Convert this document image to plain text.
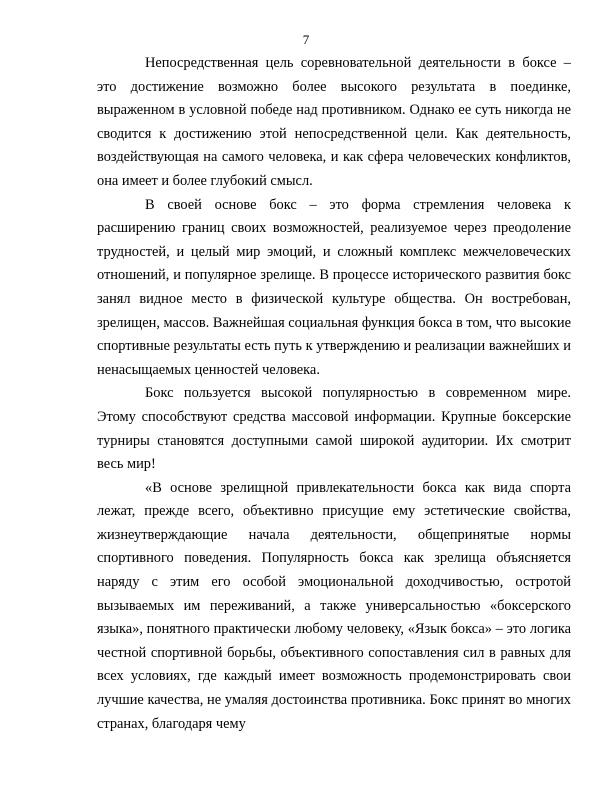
7

Непосредственная цель соревновательной деятельности в боксе – это достижение возможно более высокого результата в поединке, выраженном в условной победе над противником. Однако ее суть никогда не сводится к достижению этой непосредственной цели. Как деятельность, воздействующая на самого человека, и как сфера человеческих конфликтов, она имеет и более глубокий смысл.

В своей основе бокс – это форма стремления человека к расширению границ своих возможностей, реализуемое через преодоление трудностей, и целый мир эмоций, и сложный комплекс межчеловеческих отношений, и популярное зрелище. В процессе исторического развития бокс занял видное место в физической культуре общества. Он востребован, зрелищен, массов. Важнейшая социальная функция бокса в том, что высокие спортивные результаты есть путь к утверждению и реализации важнейших и ненасыщаемых ценностей человека.

Бокс пользуется высокой популярностью в современном мире. Этому способствуют средства массовой информации. Крупные боксерские турниры становятся доступными самой широкой аудитории. Их смотрит весь мир!

«В основе зрелищной привлекательности бокса как вида спорта лежат, прежде всего, объективно присущие ему эстетические свойства, жизнеутверждающие начала деятельности, общепринятые нормы спортивного поведения. Популярность бокса как зрелища объясняется наряду с этим его особой эмоциональной доходчивостью, остротой вызываемых им переживаний, а также универсальностью «боксерского языка», понятного практически любому человеку, «Язык бокса» – это логика честной спортивной борьбы, объективного сопоставления сил в равных для всех условиях, где каждый имеет возможность продемонстрировать свои лучшие качества, не умаляя достоинства противника. Бокс принят во многих странах, благодаря чему
